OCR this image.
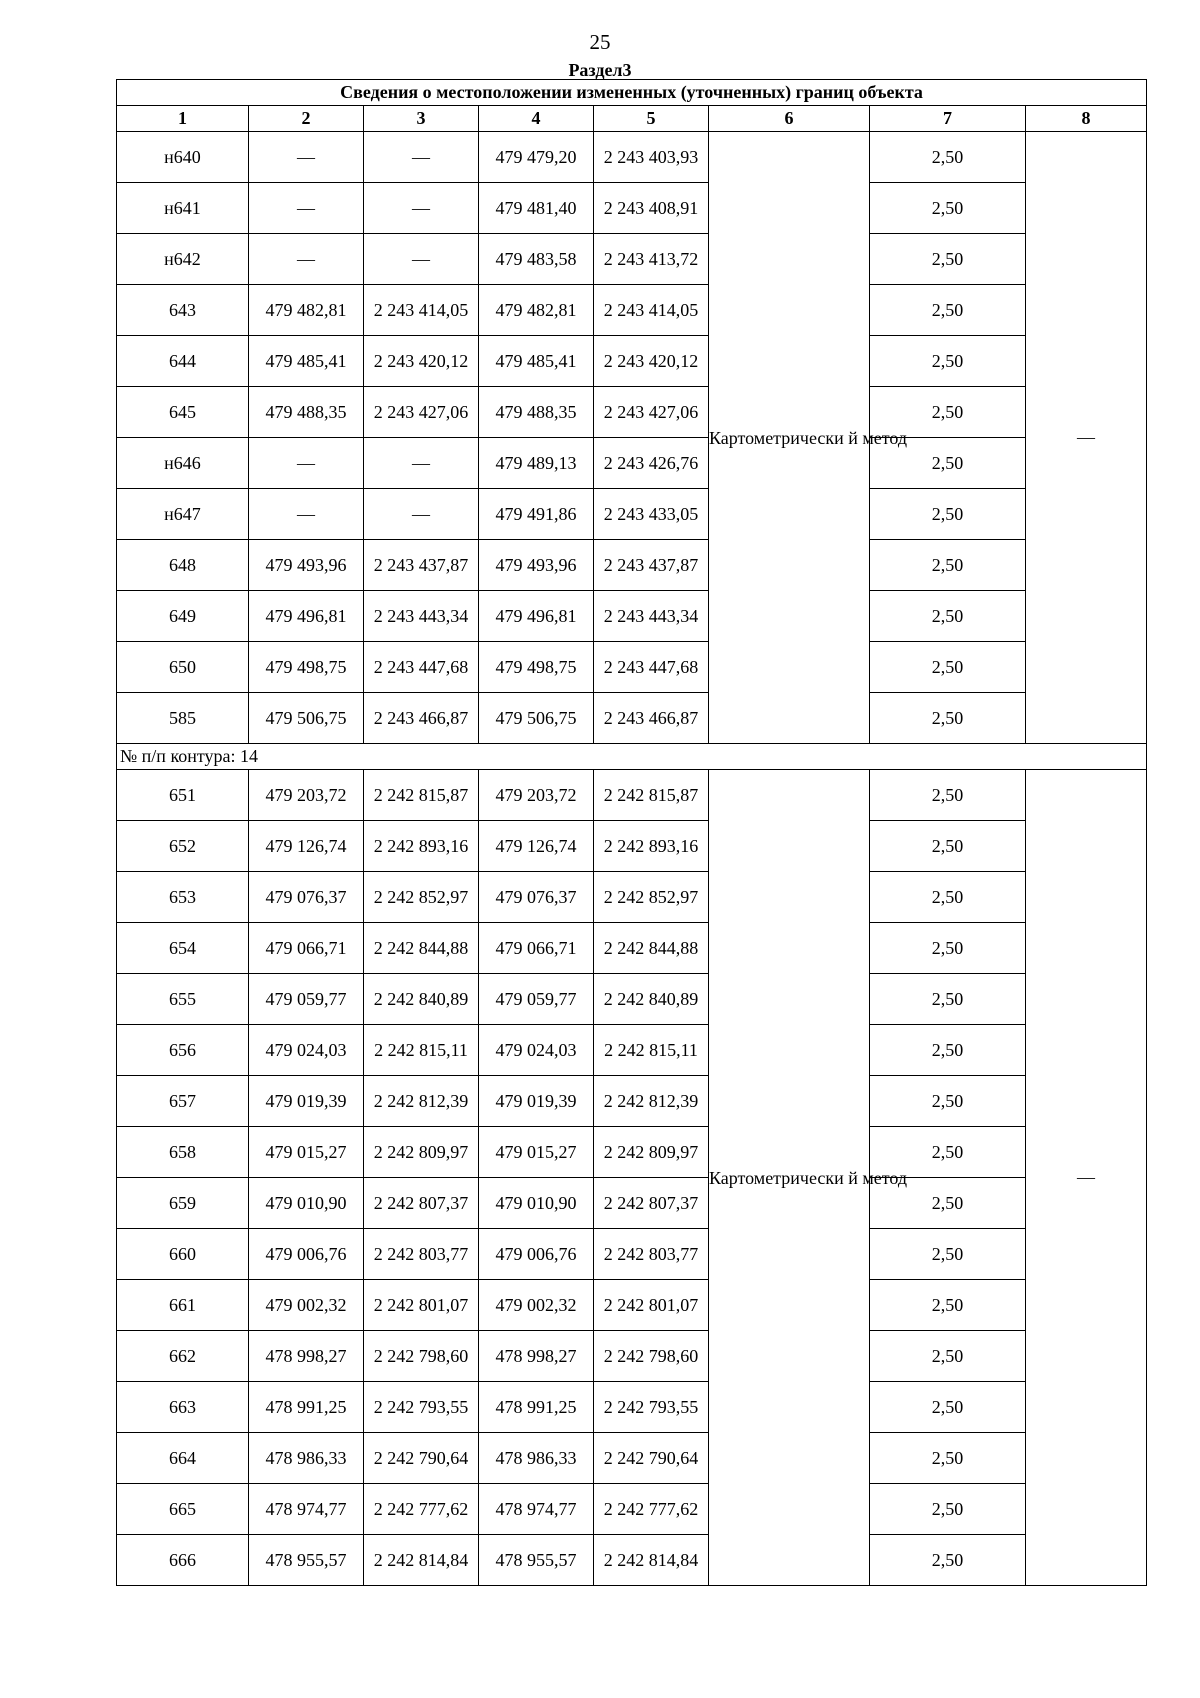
25
Раздел3
Сведения о местоположении измененных (уточненных) границ объекта							
1	2	3	4	5	6	7	8
н640	—	—	479 479,20	2 243 403,93	Картометрически й метод	2,50	—
н641	—	—	479 481,40	2 243 408,91		2,50	
н642	—	—	479 483,58	2 243 413,72		2,50	
643	479 482,81	2 243 414,05	479 482,81	2 243 414,05		2,50	
644	479 485,41	2 243 420,12	479 485,41	2 243 420,12		2,50	
645	479 488,35	2 243 427,06	479 488,35	2 243 427,06		2,50	
н646	—	—	479 489,13	2 243 426,76		2,50	
н647	—	—	479 491,86	2 243 433,05		2,50	
648	479 493,96	2 243 437,87	479 493,96	2 243 437,87		2,50	
649	479 496,81	2 243 443,34	479 496,81	2 243 443,34		2,50	
650	479 498,75	2 243 447,68	479 498,75	2 243 447,68		2,50	
585	479 506,75	2 243 466,87	479 506,75	2 243 466,87		2,50	
№ п/п контура: 14							
651	479 203,72	2 242 815,87	479 203,72	2 242 815,87	Картометрически й метод	2,50	—
652	479 126,74	2 242 893,16	479 126,74	2 242 893,16		2,50	
653	479 076,37	2 242 852,97	479 076,37	2 242 852,97		2,50	
654	479 066,71	2 242 844,88	479 066,71	2 242 844,88		2,50	
655	479 059,77	2 242 840,89	479 059,77	2 242 840,89		2,50	
656	479 024,03	2 242 815,11	479 024,03	2 242 815,11		2,50	
657	479 019,39	2 242 812,39	479 019,39	2 242 812,39		2,50	
658	479 015,27	2 242 809,97	479 015,27	2 242 809,97		2,50	
659	479 010,90	2 242 807,37	479 010,90	2 242 807,37		2,50	
660	479 006,76	2 242 803,77	479 006,76	2 242 803,77		2,50	
661	479 002,32	2 242 801,07	479 002,32	2 242 801,07		2,50	
662	478 998,27	2 242 798,60	478 998,27	2 242 798,60		2,50	
663	478 991,25	2 242 793,55	478 991,25	2 242 793,55		2,50	
664	478 986,33	2 242 790,64	478 986,33	2 242 790,64		2,50	
665	478 974,77	2 242 777,62	478 974,77	2 242 777,62		2,50	
666	478 955,57	2 242 814,84	478 955,57	2 242 814,84		2,50	
